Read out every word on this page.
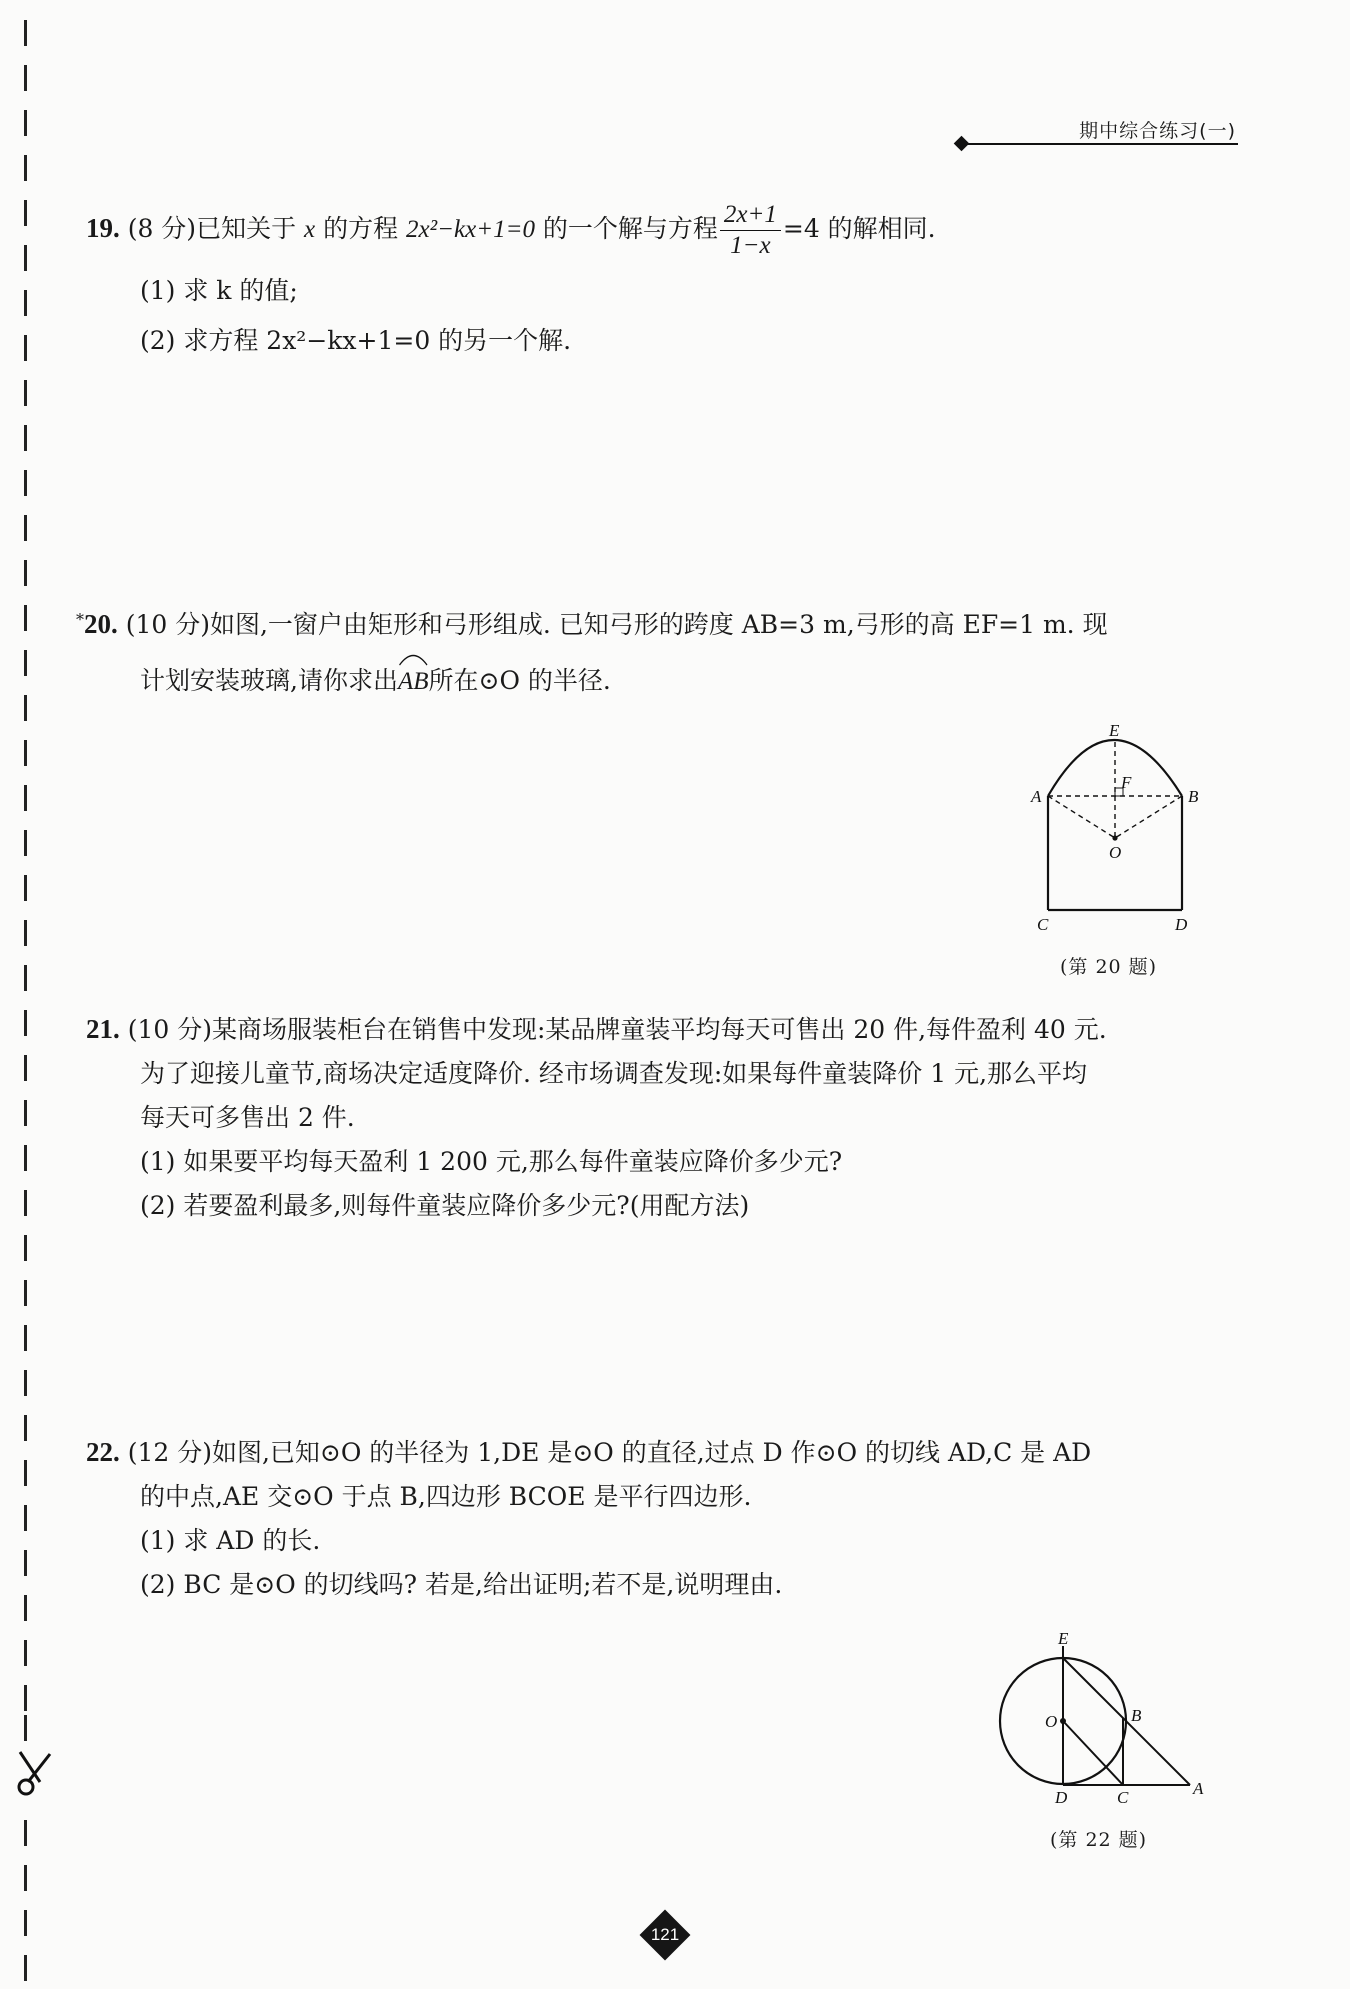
期中综合练习(一)
19. (8 分)已知关于 x 的方程 2x²−kx+1=0 的一个解与方程 $\frac{2x+1}{1-x} =4$ 的解相同.
(1) 求 k 的值;
(2) 求方程 2x²−kx+1=0 的另一个解.
*20. (10 分)如图,一窗户由矩形和弓形组成. 已知弓形的跨度 AB=3 m,弓形的高 EF=1 m. 现
计划安装玻璃,请你求出
AB所在⊙O 的半径.
E
F
A	B
O
C	D
(第 20 题)
21. (10 分)某商场服装柜台在销售中发现:某品牌童装平均每天可售出 20 件,每件盈利 40 元.
为了迎接儿童节,商场决定适度降价. 经市场调查发现:如果每件童装降价 1 元,那么平均
每天可多售出 2 件.
(1) 如果要平均每天盈利 1 200 元,那么每件童装应降价多少元?
(2) 若要盈利最多,则每件童装应降价多少元?(用配方法)
22. (12 分)如图,已知⊙O 的半径为 1,DE 是⊙O 的直径,过点 D 作⊙O 的切线 AD,C 是 AD
的中点,AE 交⊙O 于点 B,四边形 BCOE 是平行四边形.
(1) 求 AD 的长.
(2) BC 是⊙O 的切线吗? 若是,给出证明;若不是,说明理由.
E
O	B
D	C	A
(第 22 题)
121
